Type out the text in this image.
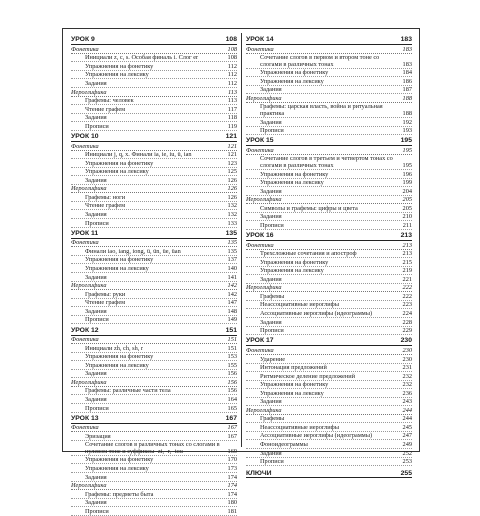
УРОК 9	108
Фонетика	108
Инициали z, c, s. Особая финаль i. Слог er	108
Упражнения на фонетику	112
Упражнения на лексику	112
Задания	112
Иероглифика	113
Графемы: человек	113
Чтение графем	117
Задания	118
Прописи	119
УРОК 10	121
Фонетика	121
Инициали j, q, x. Финали ia, ie, iu, ü, ian	121
Упражнения на фонетику	123
Упражнения на лексику	125
Задания	126
Иероглифика	126
Графемы: ноги	126
Чтение графем	132
Задания	132
Прописи	133
УРОК 11	135
Фонетика	135
Финали iao, iang, iong, ü, ün, üe, üan	135
Упражнения на фонетику	137
Упражнения на лексику	140
Задания	141
Иероглифика	142
Графемы: руки	142
Чтение графем	147
Задания	148
Прописи	149
УРОК 12	151
Фонетика	151
Инициали zh, ch, sh, r	151
Упражнения на фонетику	153
Упражнения на лексику	155
Задания	156
Иероглифика	156
Графемы: различные части тела	156
Задания	164
Прописи	165
УРОК 13	167
Фонетика	167
Эризация	167
Сочетание слогов в различных тонах со слогами в нулевом тоне и суффиксы -zi, -r, -tou	169
Упражнения на фонетику	170
Упражнения на лексику	173
Задания	174
Иероглифика	174
Графемы: предметы быта	174
Задания	180
Прописи	181
УРОК 14	183
Фонетика	183
Сочетание слогов в первом и втором тоне со слогами в различных тонах	183
Упражнения на фонетику	184
Упражнения на лексику	186
Задания	187
Иероглифика	188
Графемы: царская власть, война и ритуальная практика	188
Задания	192
Прописи	193
УРОК 15	195
Фонетика	195
Сочетание слогов в третьем и четвертом тонах со слогами в различных тонах	195
Упражнения на фонетику	196
Упражнения на лексику	199
Задания	204
Иероглифика	205
Символы и графемы: цифры и цвета	205
Задания	210
Прописи	211
УРОК 16	213
Фонетика	213
Трехсложные сочетания и апостроф	213
Упражнения на фонетику	215
Упражнения на лексику	219
Задания	221
Иероглифика	222
Графемы	222
Неассоциативные иероглифы	223
Ассоциативные иероглифы (идеограммы)	224
Задания	228
Прописи	229
УРОК 17	230
Фонетика	230
Ударение	230
Интонация предложений	231
Ритмическое деление предложений	232
Упражнения на фонетику	232
Упражнения на лексику	236
Задания	243
Иероглифика	244
Графемы	244
Неассоциативные иероглифы	245
Ассоциативные иероглифы (идеограммы)	247
Фоноидеограммы	249
Задания	252
Прописи	253
КЛЮЧИ	255
